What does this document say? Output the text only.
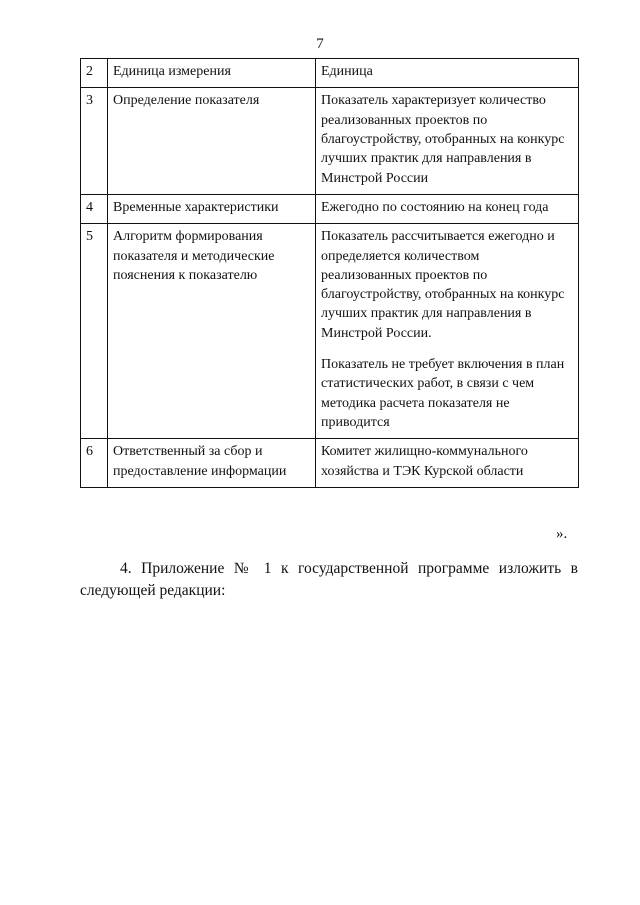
7
2	Единица измерения	Единица

3	Определение показателя	Показатель характеризует количество реализованных проектов по благоустройству, отобранных на конкурс лучших практик для направления в Минстрой России

4	Временные характеристики	Ежегодно по состоянию на конец года

5	Алгоритм формирования показателя и методические пояснения к показателю	Показатель рассчитывается ежегодно и определяется количеством реализованных проектов по благоустройству, отобранных на конкурс лучших практик для направления в Минстрой России.
Показатель не требует включения в план статистических работ, в связи с чем методика расчета показателя не приводится

6	Ответственный за сбор и предоставление информации	Комитет жилищно-коммунального хозяйства и ТЭК Курской области
».
4. Приложение № 1 к государственной программе изложить в следующей редакции:
